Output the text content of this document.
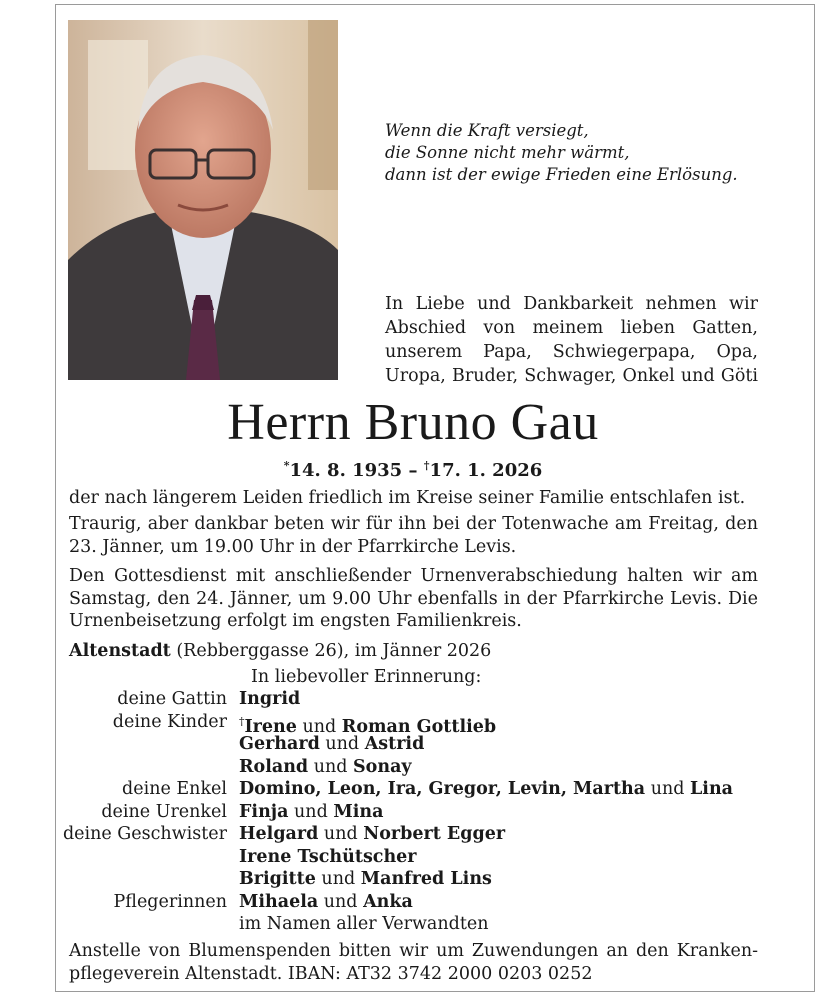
Wenn die Kraft versiegt,
die Sonne nicht mehr wärmt,
dann ist der ewige Frieden eine Erlösung.
In Liebe und Dankbarkeit nehmen wir Abschied von meinem lieben Gatten, unserem Papa, Schwiegerpapa, Opa, Uropa, Bruder, Schwager, Onkel und Göti
Herrn Bruno Gau
*14. 8. 1935 – †17. 1. 2026
der nach längerem Leiden friedlich im Kreise seiner Familie entschlafen ist.
Traurig, aber dankbar beten wir für ihn bei der Totenwache am Freitag, den 23. Jänner, um 19.00 Uhr in der Pfarrkirche Levis.
Den Gottesdienst mit anschließender Urnenverabschiedung halten wir am Samstag, den 24. Jänner, um 9.00 Uhr ebenfalls in der Pfarrkirche Levis. Die Urnenbeisetzung erfolgt im engsten Familienkreis.
Altenstadt (Rebberggasse 26), im Jänner 2026
In liebevoller Erinnerung:
deine Gattin Ingrid
deine Kinder	†Irene und Roman Gottlieb
Gerhard und Astrid
Roland und Sonay
deine Enkel Domino, Leon, Ira, Gregor, Levin, Martha und Lina
deine Urenkel Finja und Mina
deine Geschwister Helgard und Norbert Egger
Irene Tschütscher
Brigitte und Manfred Lins
Pflegerinnen Mihaela und Anka
im Namen aller Verwandten
Anstelle von Blumenspenden bitten wir um Zuwendungen an den Kranken-pflegeverein Altenstadt. IBAN: AT32 3742 2000 0203 0252
